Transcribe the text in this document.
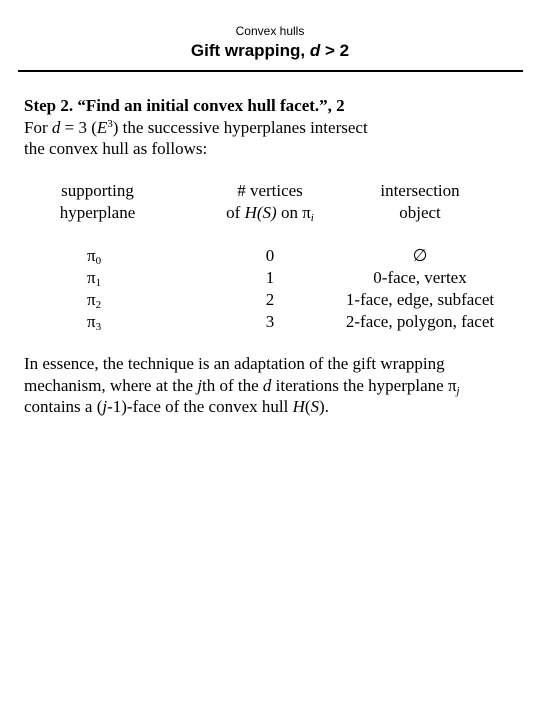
Convex hulls
Gift wrapping, d > 2
Step 2. “Find an initial convex hull facet.”, 2
For d = 3 $(E^3)$ the successive hyperplanes intersect
the convex hull as follows:
supporting
hyperplane
# vertices
of H(S) on $\pi_i$
intersection
object
$\pi_0$
$\pi_1$
$\pi_2$
$\pi_3$
0
1
2
3
∅
0-face, vertex
1-face, edge, subfacet
2-face, polygon, facet
In essence, the technique is an adaptation of the gift wrapping
mechanism, where at the jth of the d iterations the hyperplane $\pi_j$
contains a (j-1)-face of the convex hull H(S).
